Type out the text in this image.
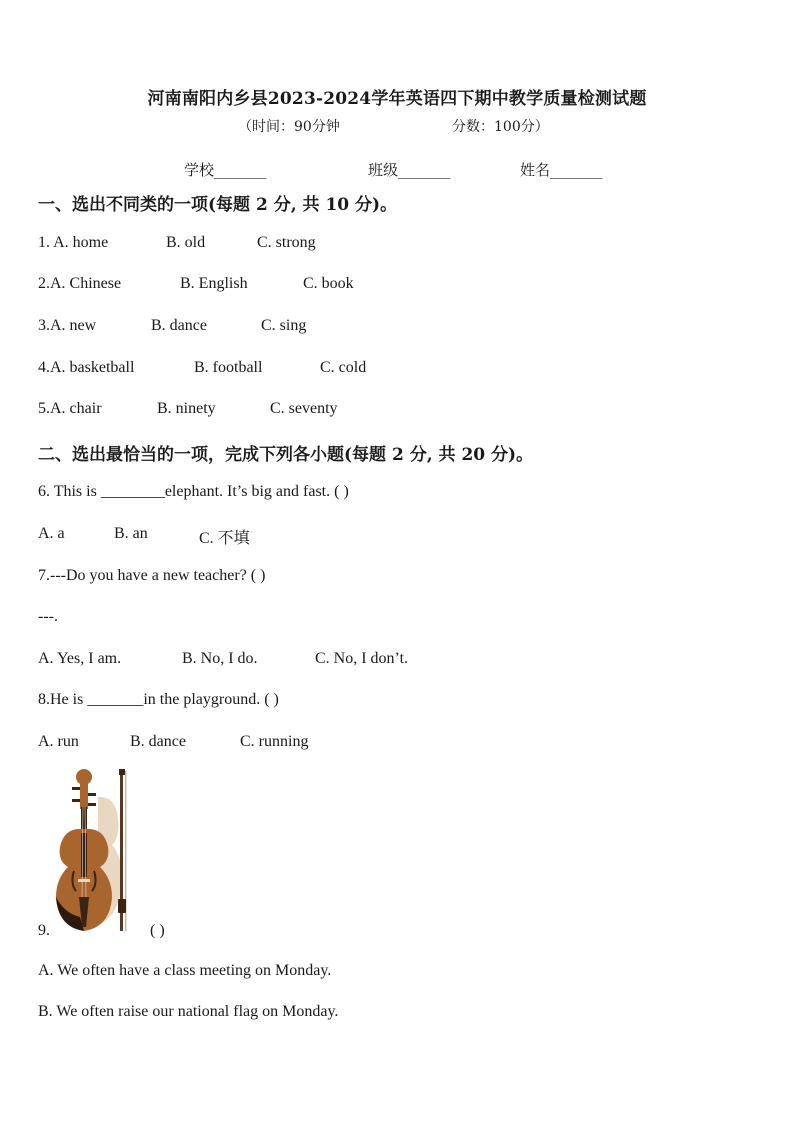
河南南阳内乡县2023-2024学年英语四下期中教学质量检测试题
（时间：90分钟	分数：100分）
学校_______	班级_______	姓名_______
一、选出不同类的一项(每题 2 分, 共 10 分)。
1. A. home	B. old	C. strong
2.A. Chinese	B. English	C. book
3.A. new	B. dance	C. sing
4.A. basketball	B. football	C. cold
5.A. chair	B. ninety	C. seventy
二、选出最恰当的一项，完成下列各小题(每题 2 分, 共 20 分)。
6. This is ________elephant. It’s big and fast. ( )
A. a	B. an	C. 不填
7.---Do you have a new teacher? ( )
---.
A. Yes, I am.	B. No, I do.	C. No, I don’t.
8.He is _______in the playground. ( )
A. run	B. dance	C. running
9.	( )
A. We often have a class meeting on Monday.
B. We often raise our national flag on Monday.
